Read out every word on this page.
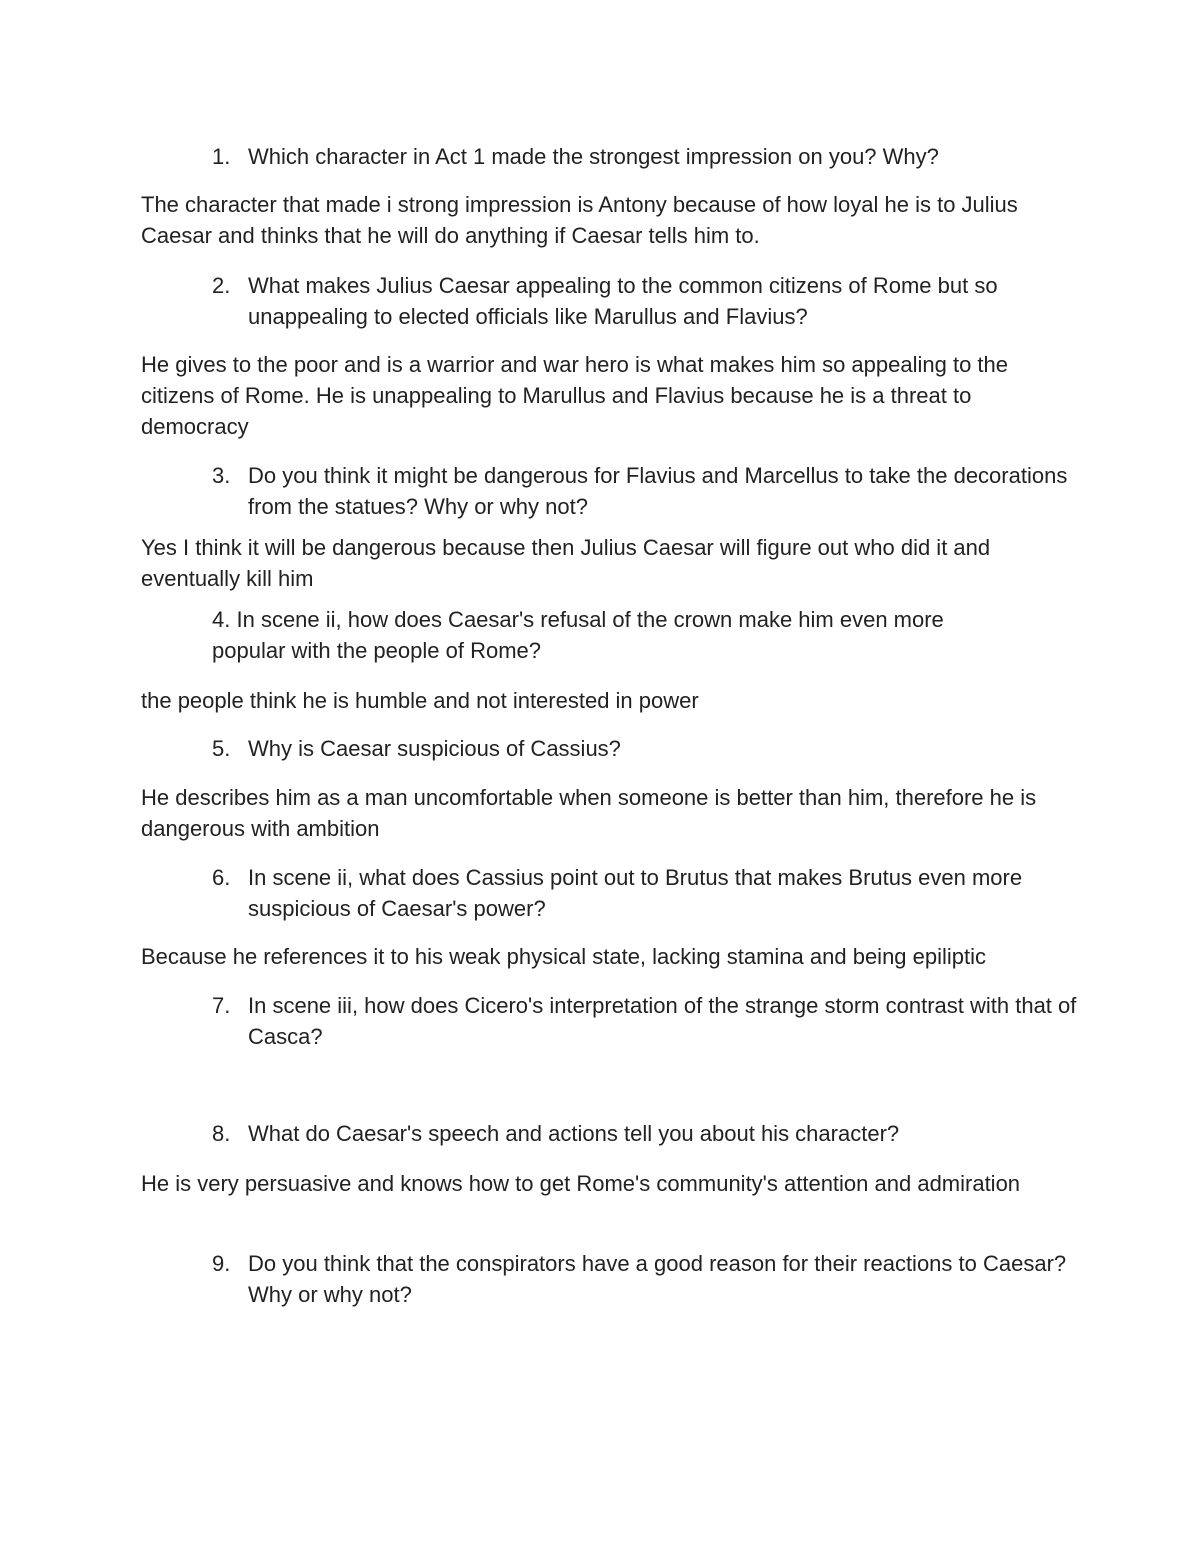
1. Which character in Act 1 made the strongest impression on you? Why?

The character that made i strong impression is Antony because of how loyal he is to Julius Caesar and thinks that he will do anything if Caesar tells him to.

2. What makes Julius Caesar appealing to the common citizens of Rome but so unappealing to elected officials like Marullus and Flavius?

He gives to the poor and is a warrior and war hero is what makes him so appealing to the citizens of Rome. He is unappealing to Marullus and Flavius because he is a threat to democracy

3. Do you think it might be dangerous for Flavius and Marcellus to take the decorations from the statues? Why or why not?

Yes I think it will be dangerous because then Julius Caesar will figure out who did it and eventually kill him

4. In scene ii, how does Caesar's refusal of the crown make him even more popular with the people of Rome?

the people think he is humble and not interested in power

5. Why is Caesar suspicious of Cassius?

He describes him as a man uncomfortable when someone is better than him, therefore he is dangerous with ambition

6. In scene ii, what does Cassius point out to Brutus that makes Brutus even more suspicious of Caesar's power?

Because he references it to his weak physical state, lacking stamina and being epiliptic

7. In scene iii, how does Cicero's interpretation of the strange storm contrast with that of Casca?
8. What do Caesar's speech and actions tell you about his character?

He is very persuasive and knows how to get Rome's community's attention and admiration

9. Do you think that the conspirators have a good reason for their reactions to Caesar? Why or why not?
